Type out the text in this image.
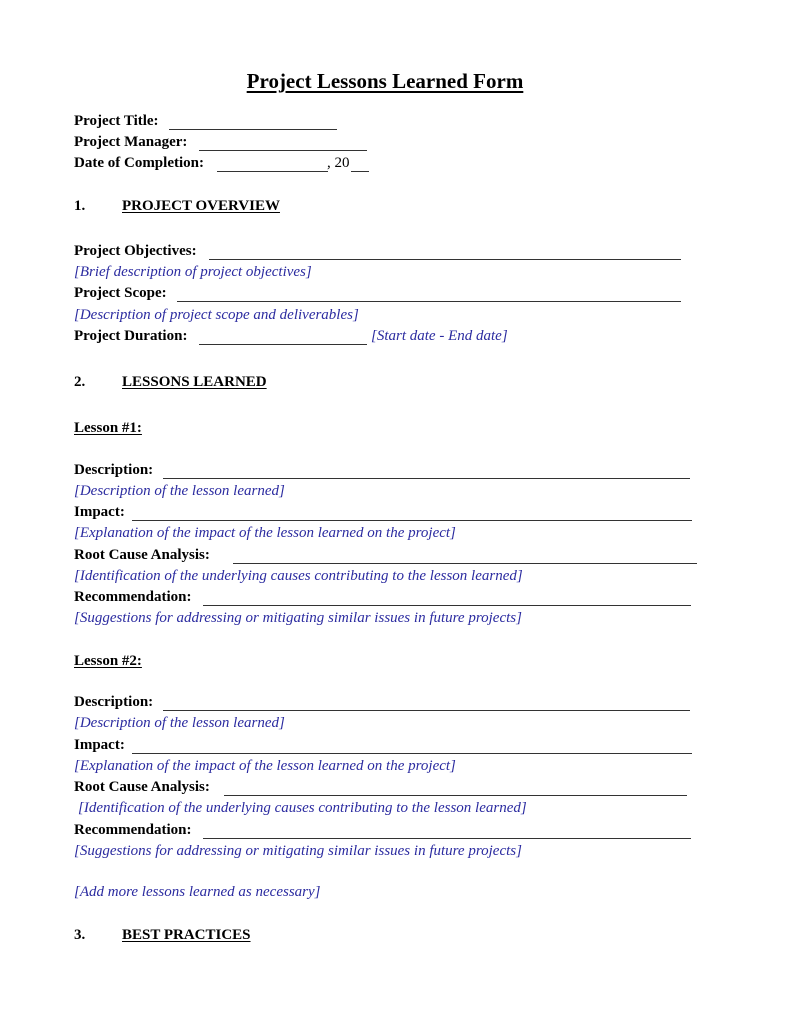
Project Lessons Learned Form
Project Title:
Project Manager:
Date of Completion:	, 20
1. PROJECT OVERVIEW
Project Objectives:
[Brief description of project objectives]
Project Scope:
[Description of project scope and deliverables]
Project Duration:	[Start date - End date]
2. LESSONS LEARNED
Lesson #1:
Description:
[Description of the lesson learned]
Impact:
[Explanation of the impact of the lesson learned on the project]
Root Cause Analysis:
[Identification of the underlying causes contributing to the lesson learned]
Recommendation:
[Suggestions for addressing or mitigating similar issues in future projects]
Lesson #2:
Description:
[Description of the lesson learned]
Impact:
[Explanation of the impact of the lesson learned on the project]
Root Cause Analysis:
[Identification of the underlying causes contributing to the lesson learned]
Recommendation:
[Suggestions for addressing or mitigating similar issues in future projects]
[Add more lessons learned as necessary]
3. BEST PRACTICES
